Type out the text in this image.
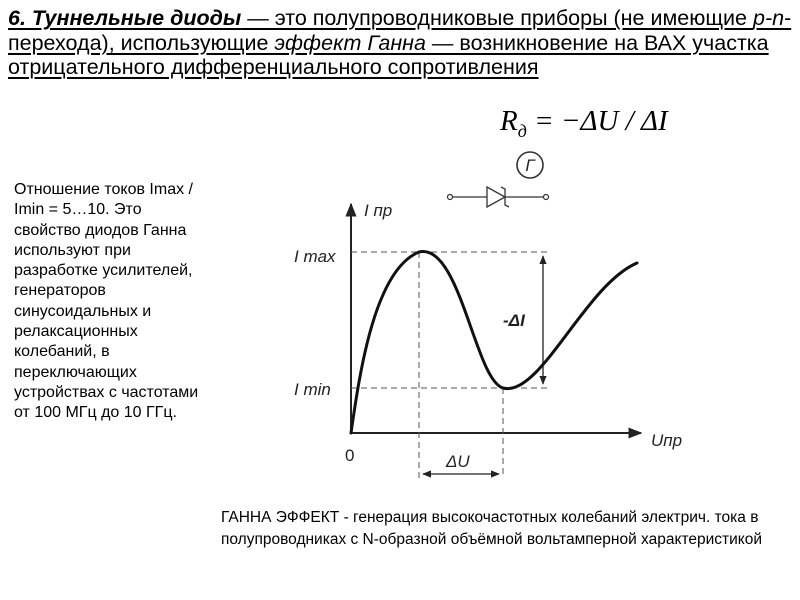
6. Туннельные диоды — это полупроводниковые приборы (не имеющие p-n-перехода), использующие эффект Ганна — возникновение на ВАХ участка отрицательного дифференциального сопротивления
$R_д = -\Delta U / \Delta I$
Отношение токов Imax / Imin = 5…10. Это свойство диодов Ганна используют при разработке усилителей, генераторов синусоидальных и релаксационных колебаний, в переключающих устройствах с частотами от 100 МГц до 10 ГГц.
ГАННА ЭФФЕКТ - генерация высокочастотных колебаний электрич. тока в полупроводниках с N-образной объёмной вольтамперной характеристикой
Г
I пр
Uпр
0
I max
I min
-ΔI
ΔU
